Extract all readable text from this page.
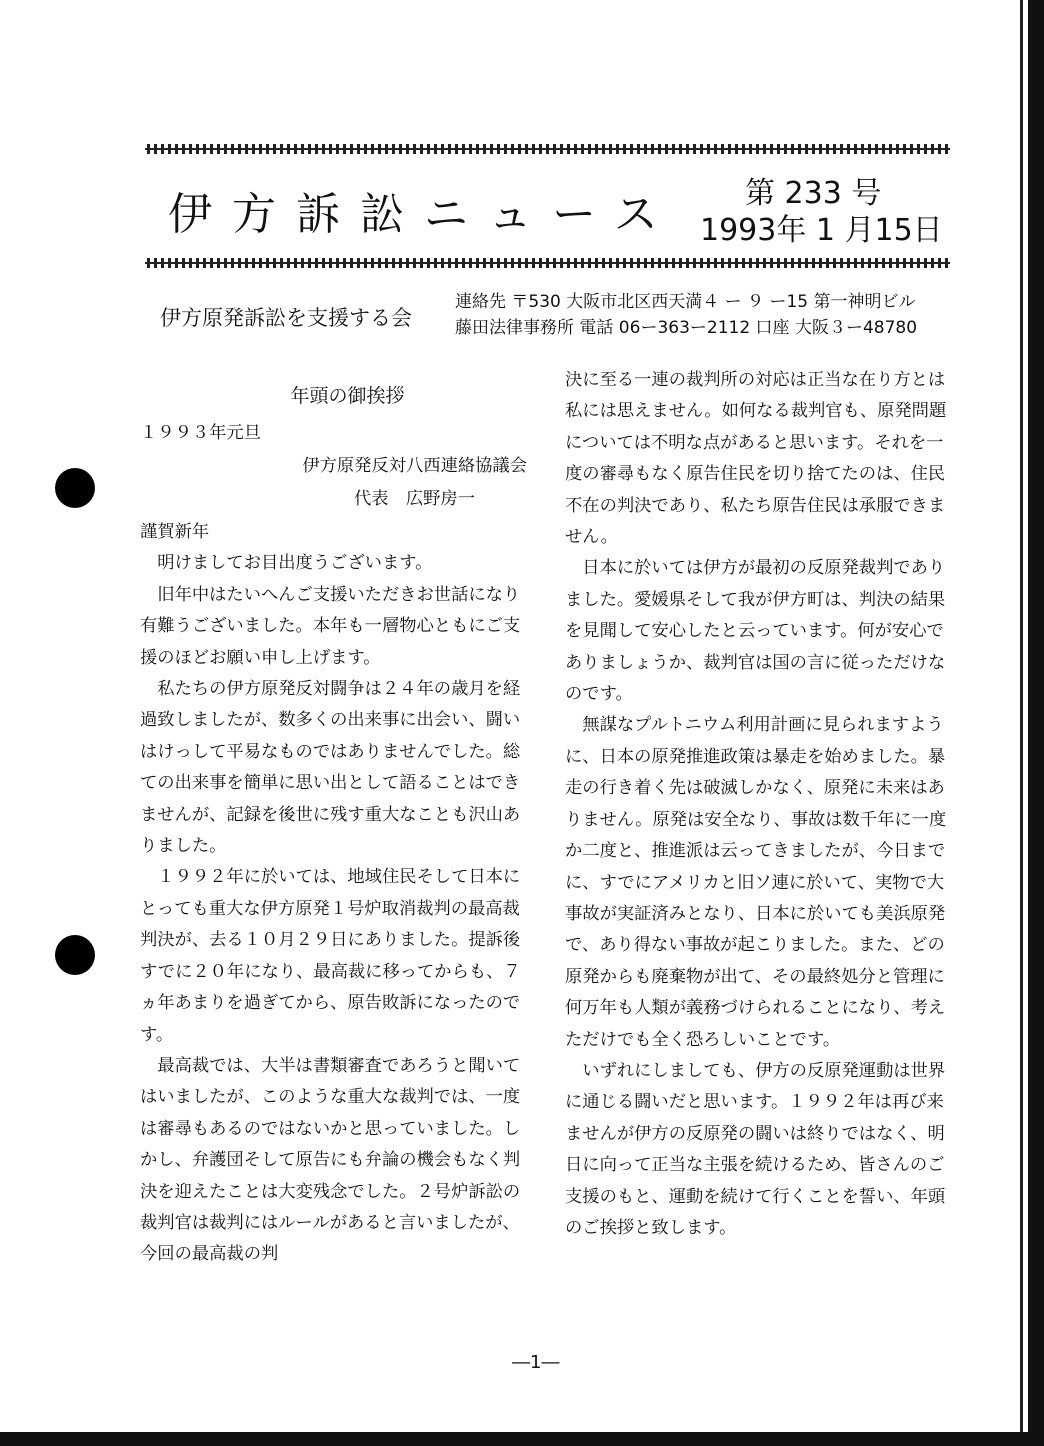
伊方訴訟ニュース 第 233 号
1993年 1 月15日
伊方原発訴訟を支援する会
連絡先 〒530 大阪市北区西天満４ ー ９ ー15 第一神明ビル
藤田法律事務所 電話 06ー363ー2112 口座 大阪３ー48780
年頭の御挨拶
１９９３年元旦
伊方原発反対八西連絡協議会
代表　広野房一

謹賀新年

　明けましてお目出度うございます。

　旧年中はたいへんご支援いただきお世話になり有難うございました。本年も一層物心ともにご支援のほどお願い申し上げます。

　私たちの伊方原発反対闘争は２４年の歳月を経過致しましたが、数多くの出来事に出会い、闘いはけっして平易なものではありませんでした。総ての出来事を簡単に思い出として語ることはできませんが、記録を後世に残す重大なことも沢山ありました。

　１９９２年に於いては、地域住民そして日本にとっても重大な伊方原発１号炉取消裁判の最高裁判決が、去る１０月２９日にありました。提訴後すでに２０年になり、最高裁に移ってからも、７ヵ年あまりを過ぎてから、原告敗訴になったのです。

　最高裁では、大半は書類審査であろうと聞いてはいましたが、このような重大な裁判では、一度は審尋もあるのではないかと思っていました。しかし、弁護団そして原告にも弁論の機会もなく判決を迎えたことは大変残念でした。２号炉訴訟の裁判官は裁判にはルールがあると言いましたが、今回の最高裁の判

決に至る一連の裁判所の対応は正当な在り方とは私には思えません。如何なる裁判官も、原発問題については不明な点があると思います。それを一度の審尋もなく原告住民を切り捨てたのは、住民不在の判決であり、私たち原告住民は承服できません。

　日本に於いては伊方が最初の反原発裁判でありました。愛媛県そして我が伊方町は、判決の結果を見聞して安心したと云っています。何が安心でありましょうか、裁判官は国の言に従っただけなのです。

　無謀なプルトニウム利用計画に見られますように、日本の原発推進政策は暴走を始めました。暴走の行き着く先は破滅しかなく、原発に未来はありません。原発は安全なり、事故は数千年に一度か二度と、推進派は云ってきましたが、今日までに、すでにアメリカと旧ソ連に於いて、実物で大事故が実証済みとなり、日本に於いても美浜原発で、あり得ない事故が起こりました。また、どの原発からも廃棄物が出て、その最終処分と管理に何万年も人類が義務づけられることになり、考えただけでも全く恐ろしいことです。

　いずれにしましても、伊方の反原発運動は世界に通じる闘いだと思います。１９９２年は再び来ませんが伊方の反原発の闘いは終りではなく、明日に向って正当な主張を続けるため、皆さんのご支援のもと、運動を続けて行くことを誓い、年頭のご挨拶と致します。

―1―
